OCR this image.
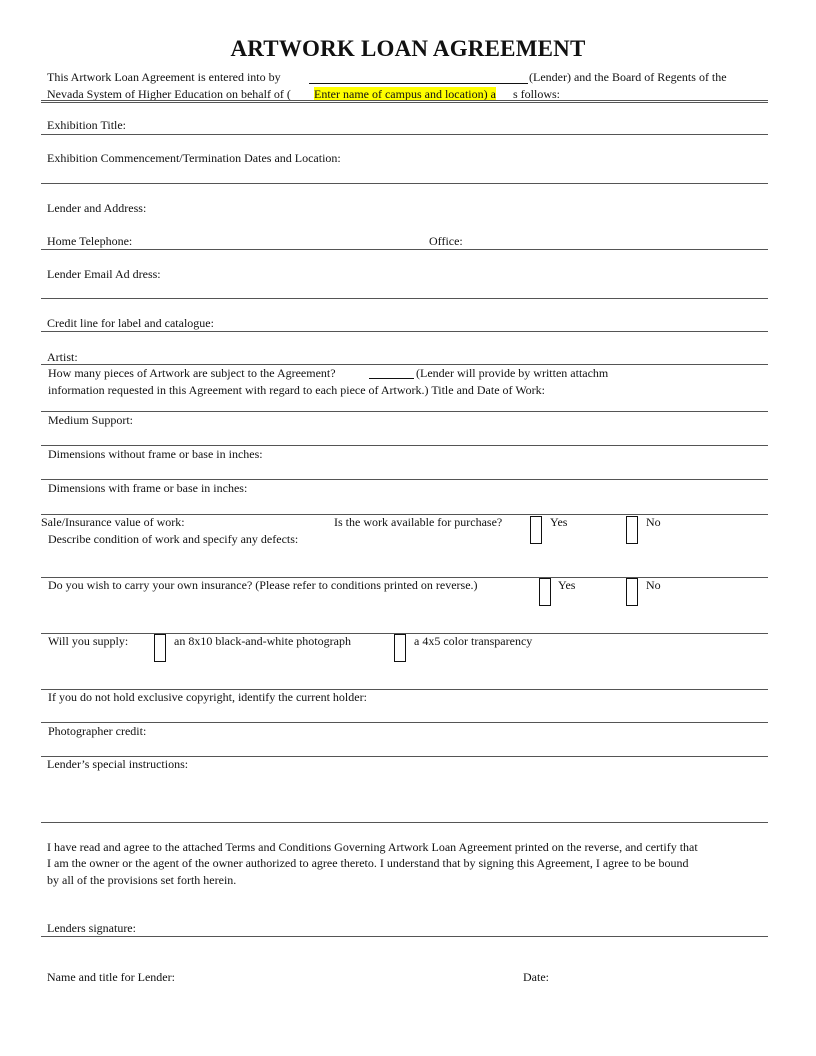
ARTWORK LOAN AGREEMENT
This Artwork Loan Agreement is entered into by	(Lender) and the Board of Regents of the
Nevada System of Higher Education on behalf of ( Enter name of campus and location) a s follows:
Exhibition Title:
Exhibition Commencement/Termination Dates and Location:
Lender and Address:
Home Telephone:	Office:
Lender Email Ad dress:
Credit line for label and catalogue:
Artist:
How many pieces of Artwork are subject to the Agreement?	(Lender will provide by written attachm
information requested in this Agreement with regard to each piece of Artwork.) Title and Date of Work:
Medium Support:
Dimensions without frame or base in inches:
Dimensions with frame or base in inches:
Sale/Insurance value of work:	Is the work available for purchase?	Yes	No
Describe condition of work and specify any defects:
Do you wish to carry your own insurance? (Please refer to conditions printed on reverse.)	Yes	No
Will you supply:	an 8x10 black-and-white photograph	a 4x5 color transparency
If you do not hold exclusive copyright, identify the current holder:
Photographer credit:
Lender’s special instructions:
I have read and agree to the attached Terms and Conditions Governing Artwork Loan Agreement printed on the reverse, and certify that
I am the owner or the agent of the owner authorized to agree thereto. I understand that by signing this Agreement, I agree to be bound
by all of the provisions set forth herein.
Lenders signature:
Name and title for Lender:	Date:
